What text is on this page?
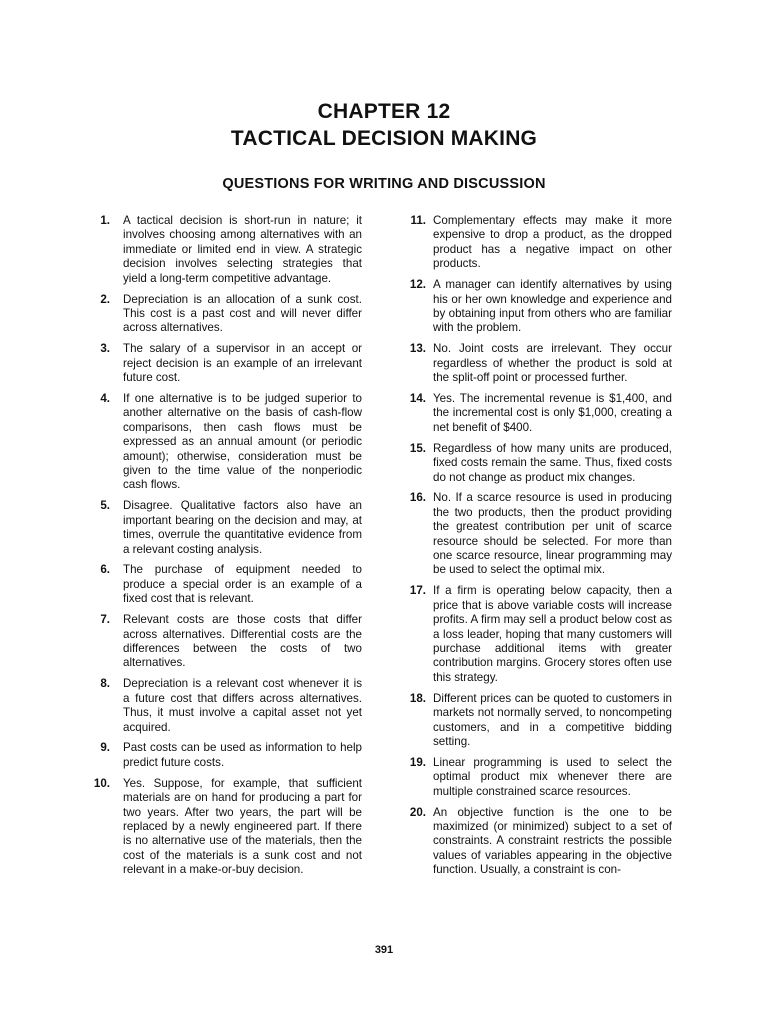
CHAPTER 12
TACTICAL DECISION MAKING
QUESTIONS FOR WRITING AND DISCUSSION
1. A tactical decision is short-run in nature; it involves choosing among alternatives with an immediate or limited end in view. A strategic decision involves selecting strategies that yield a long-term competitive advantage.
2. Depreciation is an allocation of a sunk cost. This cost is a past cost and will never differ across alternatives.
3. The salary of a supervisor in an accept or reject decision is an example of an irrelevant future cost.
4. If one alternative is to be judged superior to another alternative on the basis of cash-flow comparisons, then cash flows must be expressed as an annual amount (or periodic amount); otherwise, consideration must be given to the time value of the nonperiodic cash flows.
5. Disagree. Qualitative factors also have an important bearing on the decision and may, at times, overrule the quantitative evidence from a relevant costing analysis.
6. The purchase of equipment needed to produce a special order is an example of a fixed cost that is relevant.
7. Relevant costs are those costs that differ across alternatives. Differential costs are the differences between the costs of two alternatives.
8. Depreciation is a relevant cost whenever it is a future cost that differs across alternatives. Thus, it must involve a capital asset not yet acquired.
9. Past costs can be used as information to help predict future costs.
10. Yes. Suppose, for example, that sufficient materials are on hand for producing a part for two years. After two years, the part will be replaced by a newly engineered part. If there is no alternative use of the materials, then the cost of the materials is a sunk cost and not relevant in a make-or-buy decision.
11. Complementary effects may make it more expensive to drop a product, as the dropped product has a negative impact on other products.
12. A manager can identify alternatives by using his or her own knowledge and experience and by obtaining input from others who are familiar with the problem.
13. No. Joint costs are irrelevant. They occur regardless of whether the product is sold at the split-off point or processed further.
14. Yes. The incremental revenue is $1,400, and the incremental cost is only $1,000, creating a net benefit of $400.
15. Regardless of how many units are produced, fixed costs remain the same. Thus, fixed costs do not change as product mix changes.
16. No. If a scarce resource is used in producing the two products, then the product providing the greatest contribution per unit of scarce resource should be selected. For more than one scarce resource, linear programming may be used to select the optimal mix.
17. If a firm is operating below capacity, then a price that is above variable costs will increase profits. A firm may sell a product below cost as a loss leader, hoping that many customers will purchase additional items with greater contribution margins. Grocery stores often use this strategy.
18. Different prices can be quoted to customers in markets not normally served, to noncompeting customers, and in a competitive bidding setting.
19. Linear programming is used to select the optimal product mix whenever there are multiple constrained scarce resources.
20. An objective function is the one to be maximized (or minimized) subject to a set of constraints. A constraint restricts the possible values of variables appearing in the objective function. Usually, a constraint is con-
391
